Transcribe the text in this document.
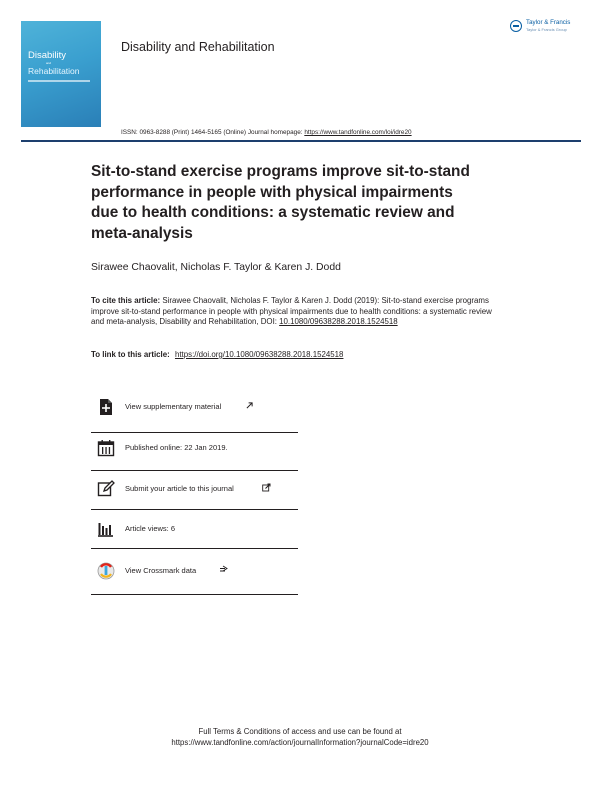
Disability
and
Rehabilitation
Disability and Rehabilitation
Taylor & Francis
Taylor & Francis Group
ISSN: 0963-8288 (Print) 1464-5165 (Online) Journal homepage: https://www.tandfonline.com/loi/idre20
Sit-to-stand exercise programs improve sit-to-stand performance in people with physical impairments due to health conditions: a systematic review and meta-analysis
Sirawee Chaovalit, Nicholas F. Taylor & Karen J. Dodd
To cite this article: Sirawee Chaovalit, Nicholas F. Taylor & Karen J. Dodd (2019): Sit-to-stand exercise programs improve sit-to-stand performance in people with physical impairments due to health conditions: a systematic review and meta-analysis, Disability and Rehabilitation, DOI: 10.1080/09638288.2018.1524518
To link to this article: https://doi.org/10.1080/09638288.2018.1524518
View supplementary material
Published online: 22 Jan 2019.
Submit your article to this journal
Article views: 6
View Crossmark data
Full Terms & Conditions of access and use can be found at
https://www.tandfonline.com/action/journalInformation?journalCode=idre20
